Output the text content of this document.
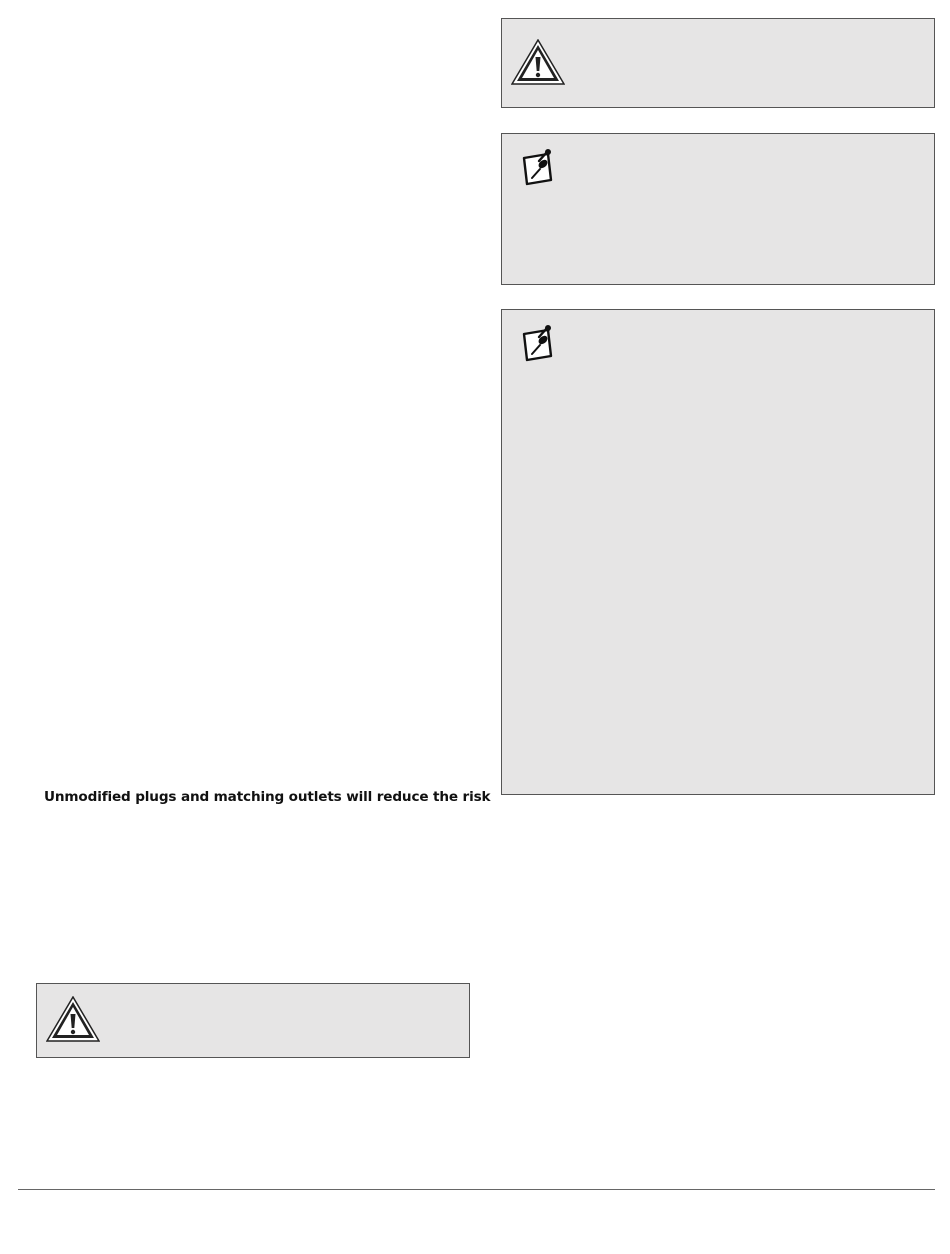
Unmodified plugs and matching outlets will reduce the risk
